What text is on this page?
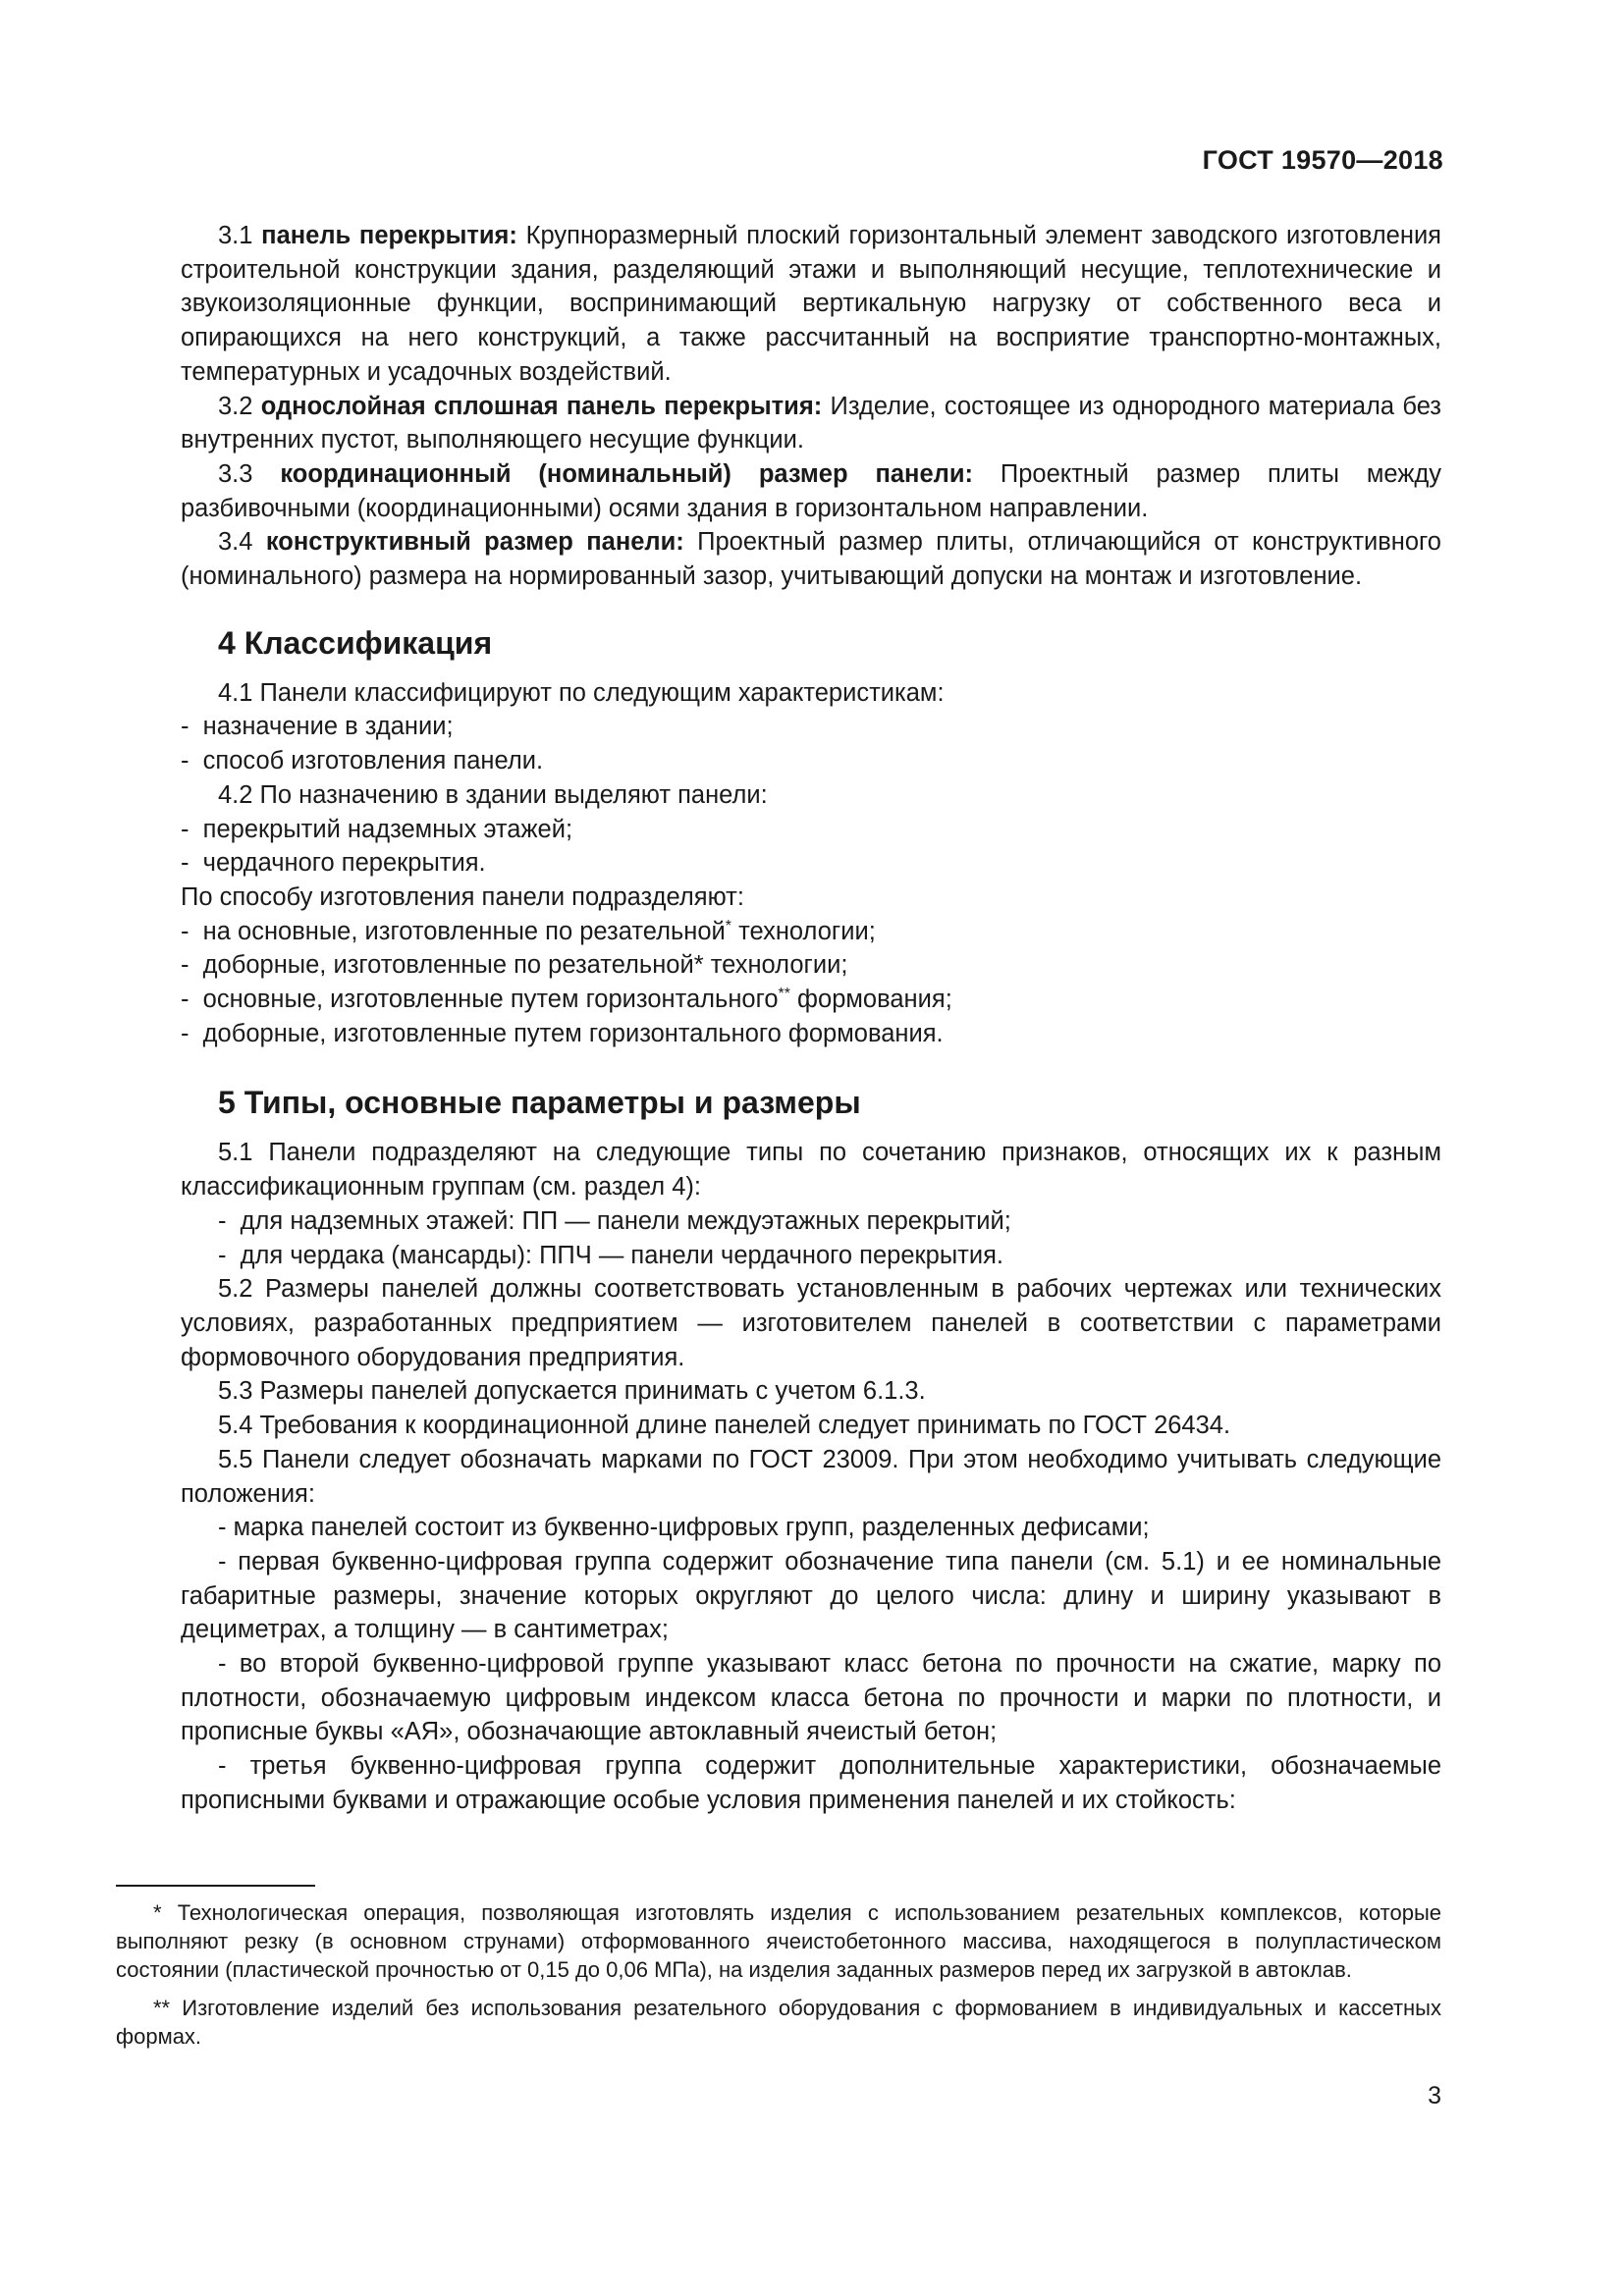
ГОСТ 19570—2018

3.1 панель перекрытия: Крупноразмерный плоский горизонтальный элемент заводского изготовления строительной конструкции здания, разделяющий этажи и выполняющий несущие, теплотехнические и звукоизоляционные функции, воспринимающий вертикальную нагрузку от собственного веса и опирающихся на него конструкций, а также рассчитанный на восприятие транспортно-монтажных, температурных и усадочных воздействий.

3.2 однослойная сплошная панель перекрытия: Изделие, состоящее из однородного материала без внутренних пустот, выполняющего несущие функции.

3.3 координационный (номинальный) размер панели: Проектный размер плиты между разбивочными (координационными) осями здания в горизонтальном направлении.

3.4 конструктивный размер панели: Проектный размер плиты, отличающийся от конструктивного (номинального) размера на нормированный зазор, учитывающий допуски на монтаж и изготовление.

4 Классификация

4.1 Панели классифицируют по следующим характеристикам:

-  назначение в здании;

-  способ изготовления панели.

4.2 По назначению в здании выделяют панели:

-  перекрытий надземных этажей;

-  чердачного перекрытия.

По способу изготовления панели подразделяют:

-  на основные, изготовленные по резательной* технологии;

-  доборные, изготовленные по резательной* технологии;

-  основные, изготовленные путем горизонтального** формования;

-  доборные, изготовленные путем горизонтального формования.

5 Типы, основные параметры и размеры

5.1 Панели подразделяют на следующие типы по сочетанию признаков, относящих их к разным классификационным группам (см. раздел 4):

-  для надземных этажей: ПП — панели междуэтажных перекрытий;

-  для чердака (мансарды): ППЧ — панели чердачного перекрытия.

5.2 Размеры панелей должны соответствовать установленным в рабочих чертежах или технических условиях, разработанных предприятием — изготовителем панелей в соответствии с параметрами формовочного оборудования предприятия.

5.3 Размеры панелей допускается принимать с учетом 6.1.3.

5.4 Требования к координационной длине панелей следует принимать по ГОСТ 26434.

5.5 Панели следует обозначать марками по ГОСТ 23009. При этом необходимо учитывать следующие положения:

- марка панелей состоит из буквенно-цифровых групп, разделенных дефисами;

- первая буквенно-цифровая группа содержит обозначение типа панели (см. 5.1) и ее номинальные габаритные размеры, значение которых округляют до целого числа: длину и ширину указывают в дециметрах, а толщину — в сантиметрах;

- во второй буквенно-цифровой группе указывают класс бетона по прочности на сжатие, марку по плотности, обозначаемую цифровым индексом класса бетона по прочности и марки по плотности, и прописные буквы «АЯ», обозначающие автоклавный ячеистый бетон;

- третья буквенно-цифровая группа содержит дополнительные характеристики, обозначаемые прописными буквами и отражающие особые условия применения панелей и их стойкость:

* Технологическая операция, позволяющая изготовлять изделия с использованием резательных комплексов, которые выполняют резку (в основном струнами) отформованного ячеистобетонного массива, находящегося в полупластическом состоянии (пластической прочностью от 0,15 до 0,06 МПа), на изделия заданных размеров перед их загрузкой в автоклав.

** Изготовление изделий без использования резательного оборудования с формованием в индивидуальных и кассетных формах.

3
